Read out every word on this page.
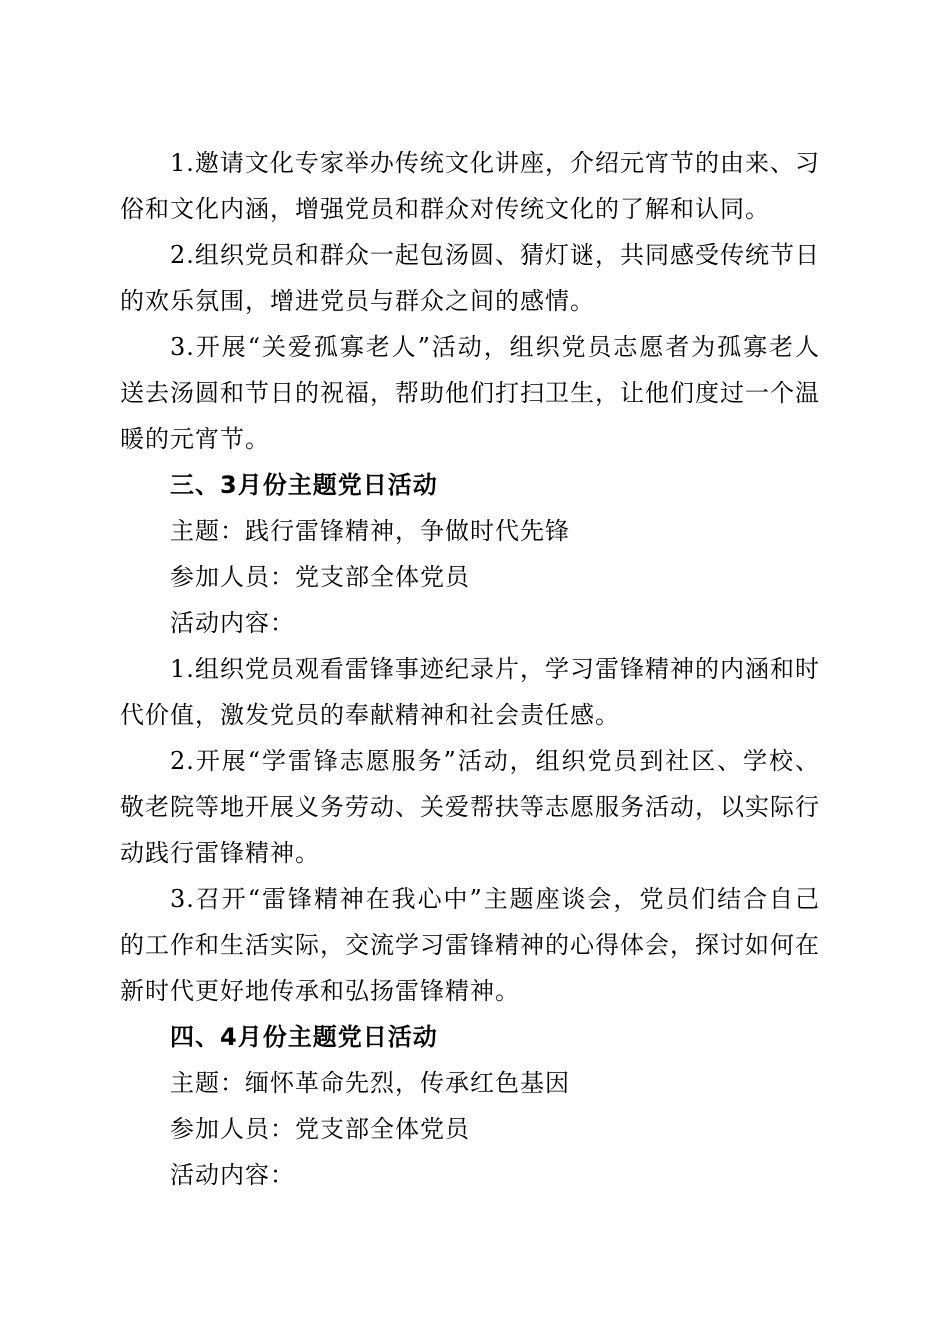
1.邀请文化专家举办传统文化讲座，介绍元宵节的由来、习俗和文化内涵，增强党员和群众对传统文化的了解和认同。

2.组织党员和群众一起包汤圆、猜灯谜，共同感受传统节日的欢乐氛围，增进党员与群众之间的感情。

3.开展“关爱孤寡老人”活动，组织党员志愿者为孤寡老人送去汤圆和节日的祝福，帮助他们打扫卫生，让他们度过一个温暖的元宵节。

三、3月份主题党日活动

主题：践行雷锋精神，争做时代先锋

参加人员：党支部全体党员

活动内容：

1.组织党员观看雷锋事迹纪录片，学习雷锋精神的内涵和时代价值，激发党员的奉献精神和社会责任感。

2.开展“学雷锋志愿服务”活动，组织党员到社区、学校、敬老院等地开展义务劳动、关爱帮扶等志愿服务活动，以实际行动践行雷锋精神。

3.召开“雷锋精神在我心中”主题座谈会，党员们结合自己的工作和生活实际，交流学习雷锋精神的心得体会，探讨如何在新时代更好地传承和弘扬雷锋精神。

四、4月份主题党日活动

主题：缅怀革命先烈，传承红色基因

参加人员：党支部全体党员

活动内容：
